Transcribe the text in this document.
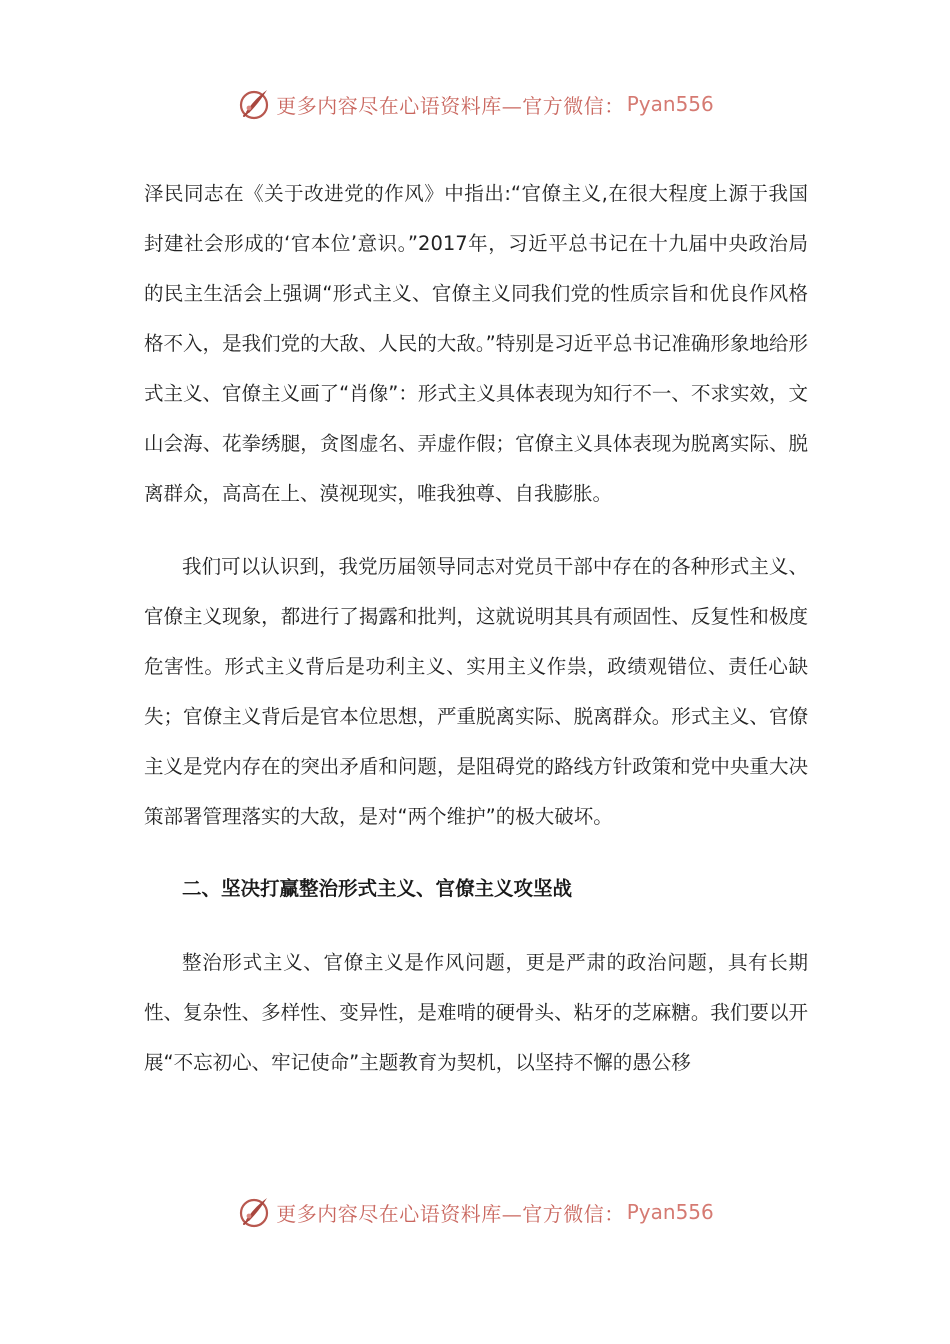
更多内容尽在心语资料库—官方微信： Pyan556

泽民同志在《关于改进党的作风》中指出:“官僚主义,在很大程度上源于我国封建社会形成的‘官本位’意识。”2017年，习近平总书记在十九届中央政治局的民主生活会上强调“形式主义、官僚主义同我们党的性质宗旨和优良作风格格不入，是我们党的大敌、人民的大敌。”特别是习近平总书记准确形象地给形式主义、官僚主义画了“肖像”：形式主义具体表现为知行不一、不求实效，文山会海、花拳绣腿，贪图虚名、弄虚作假；官僚主义具体表现为脱离实际、脱离群众，高高在上、漠视现实，唯我独尊、自我膨胀。

我们可以认识到，我党历届领导同志对党员干部中存在的各种形式主义、官僚主义现象，都进行了揭露和批判，这就说明其具有顽固性、反复性和极度危害性。形式主义背后是功利主义、实用主义作祟，政绩观错位、责任心缺失；官僚主义背后是官本位思想，严重脱离实际、脱离群众。形式主义、官僚主义是党内存在的突出矛盾和问题，是阻碍党的路线方针政策和党中央重大决策部署管理落实的大敌，是对“两个维护”的极大破坏。

二、坚决打赢整治形式主义、官僚主义攻坚战

整治形式主义、官僚主义是作风问题，更是严肃的政治问题，具有长期性、复杂性、多样性、变异性，是难啃的硬骨头、粘牙的芝麻糖。我们要以开展“不忘初心、牢记使命”主题教育为契机，以坚持不懈的愚公移

更多内容尽在心语资料库—官方微信： Pyan556
